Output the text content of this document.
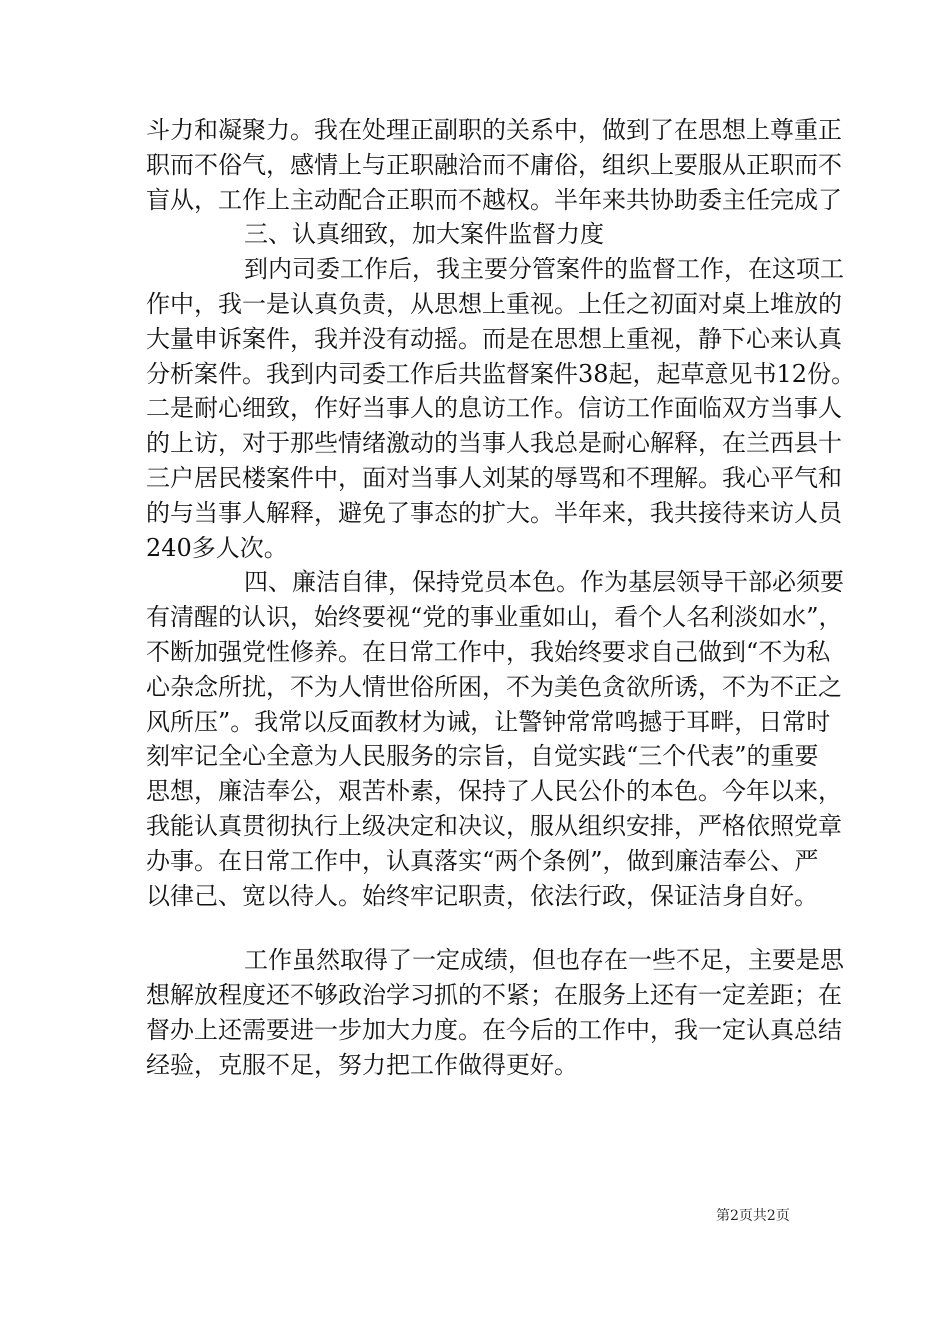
斗力和凝聚力。我在处理正副职的关系中，做到了在思想上尊重正
职而不俗气，感情上与正职融洽而不庸俗，组织上要服从正职而不
盲从，工作上主动配合正职而不越权。半年来共协助委主任完成了
三、认真细致，加大案件监督力度
到内司委工作后，我主要分管案件的监督工作，在这项工
作中，我一是认真负责，从思想上重视。上任之初面对桌上堆放的
大量申诉案件，我并没有动摇。而是在思想上重视，静下心来认真
分析案件。我到内司委工作后共监督案件38起，起草意见书12份。
二是耐心细致，作好当事人的息访工作。信访工作面临双方当事人
的上访，对于那些情绪激动的当事人我总是耐心解释，在兰西县十
三户居民楼案件中，面对当事人刘某的辱骂和不理解。我心平气和
的与当事人解释，避免了事态的扩大。半年来，我共接待来访人员
240多人次。
四、廉洁自律，保持党员本色。作为基层领导干部必须要
有清醒的认识，始终要视“党的事业重如山，看个人名利淡如水”，
不断加强党性修养。在日常工作中，我始终要求自己做到“不为私
心杂念所扰，不为人情世俗所困，不为美色贪欲所诱，不为不正之
风所压”。我常以反面教材为诫，让警钟常常鸣撼于耳畔，日常时
刻牢记全心全意为人民服务的宗旨，自觉实践“三个代表”的重要
思想，廉洁奉公，艰苦朴素，保持了人民公仆的本色。今年以来，
我能认真贯彻执行上级决定和决议，服从组织安排，严格依照党章
办事。在日常工作中，认真落实“两个条例”，做到廉洁奉公、严
以律己、宽以待人。始终牢记职责，依法行政，保证洁身自好。
工作虽然取得了一定成绩，但也存在一些不足，主要是思
想解放程度还不够政治学习抓的不紧；在服务上还有一定差距；在
督办上还需要进一步加大力度。在今后的工作中，我一定认真总结
经验，克服不足，努力把工作做得更好。
第2页共2页
